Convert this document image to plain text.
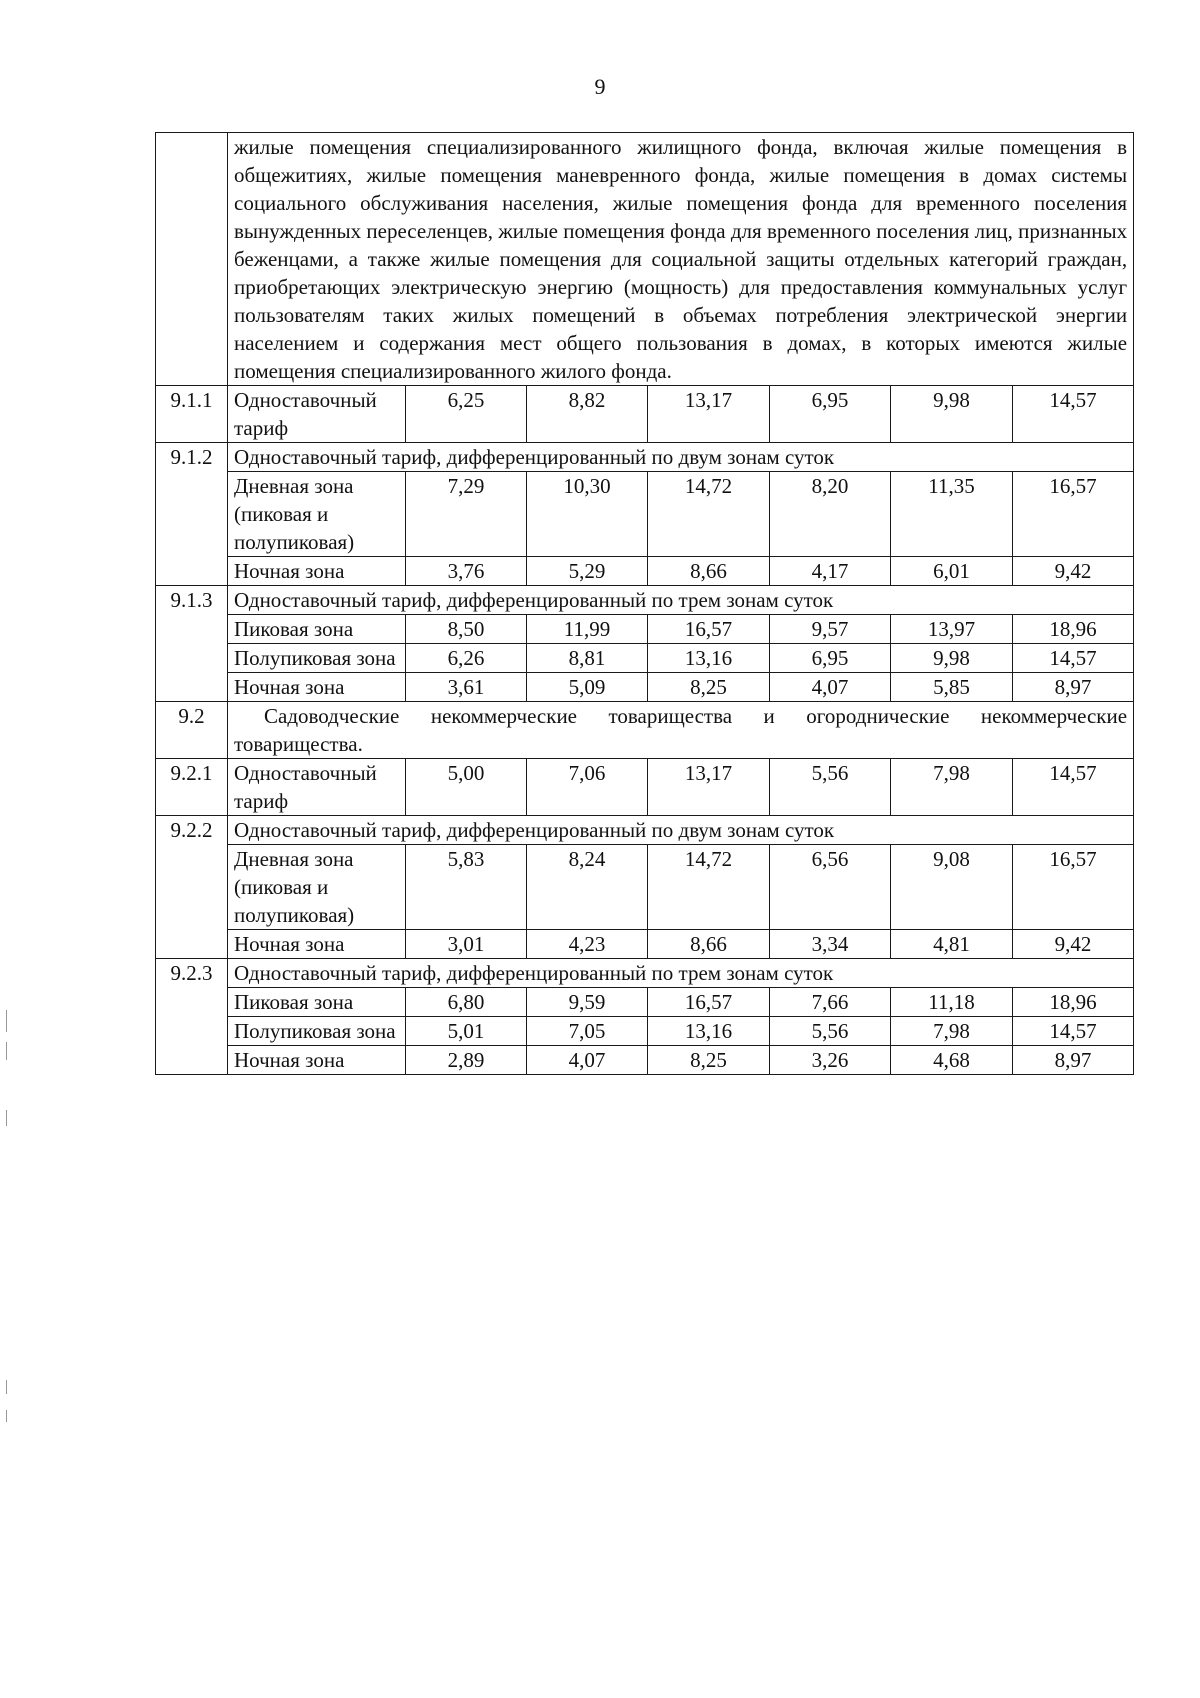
9
	жилые помещения специализированного жилищного фонда, включая жилые помещения в общежитиях, жилые помещения маневренного фонда, жилые помещения в домах системы социального обслуживания населения, жилые помещения фонда для временного поселения вынужденных переселенцев, жилые помещения фонда для временного поселения лиц, признанных беженцами, а также жилые помещения для социальной защиты отдельных категорий граждан, приобретающих электрическую энергию (мощность) для предоставления коммунальных услуг пользователям таких жилых помещений в объемах потребления электрической энергии населением и содержания мест общего пользования в домах, в которых имеются жилые помещения специализированного жилого фонда.						
9.1.1	Одноставочный тариф	6,25	8,82	13,17	6,95	9,98	14,57
9.1.2	Одноставочный тариф, дифференцированный по двум зонам суток						
	Дневная зона (пиковая и полупиковая)	7,29	10,30	14,72	8,20	11,35	16,57
	Ночная зона	3,76	5,29	8,66	4,17	6,01	9,42
9.1.3	Одноставочный тариф, дифференцированный по трем зонам суток						
	Пиковая зона	8,50	11,99	16,57	9,57	13,97	18,96
	Полупиковая зона	6,26	8,81	13,16	6,95	9,98	14,57
	Ночная зона	3,61	5,09	8,25	4,07	5,85	8,97
9.2	Садоводческие некоммерческие товарищества и огороднические некоммерческие товарищества.						
9.2.1	Одноставочный тариф	5,00	7,06	13,17	5,56	7,98	14,57
9.2.2	Одноставочный тариф, дифференцированный по двум зонам суток						
	Дневная зона (пиковая и полупиковая)	5,83	8,24	14,72	6,56	9,08	16,57
	Ночная зона	3,01	4,23	8,66	3,34	4,81	9,42
9.2.3	Одноставочный тариф, дифференцированный по трем зонам суток						
	Пиковая зона	6,80	9,59	16,57	7,66	11,18	18,96
	Полупиковая зона	5,01	7,05	13,16	5,56	7,98	14,57
	Ночная зона	2,89	4,07	8,25	3,26	4,68	8,97
